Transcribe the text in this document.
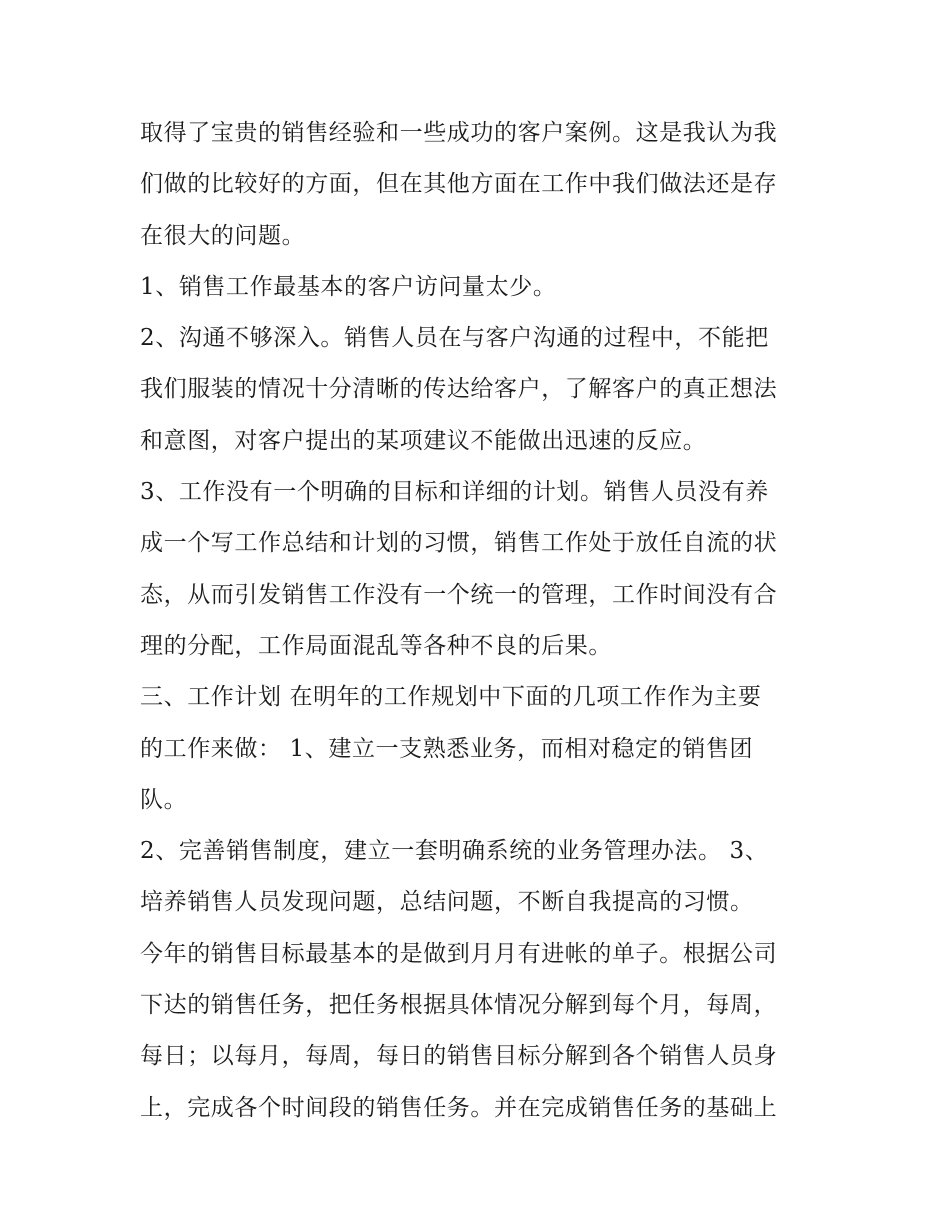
取得了宝贵的销售经验和一些成功的客户案例。这是我认为我
们做的比较好的方面，但在其他方面在工作中我们做法还是存
在很大的问题。
1、销售工作最基本的客户访问量太少。
2、沟通不够深入。销售人员在与客户沟通的过程中，不能把
我们服装的情况十分清晰的传达给客户，了解客户的真正想法
和意图，对客户提出的某项建议不能做出迅速的反应。
3、工作没有一个明确的目标和详细的计划。销售人员没有养
成一个写工作总结和计划的习惯，销售工作处于放任自流的状
态，从而引发销售工作没有一个统一的管理，工作时间没有合
理的分配，工作局面混乱等各种不良的后果。
三、工作计划 在明年的工作规划中下面的几项工作作为主要
的工作来做： 1、建立一支熟悉业务，而相对稳定的销售团
队。
2、完善销售制度，建立一套明确系统的业务管理办法。 3、
培养销售人员发现问题，总结问题，不断自我提高的习惯。
今年的销售目标最基本的是做到月月有进帐的单子。根据公司
下达的销售任务，把任务根据具体情况分解到每个月，每周，
每日；以每月，每周，每日的销售目标分解到各个销售人员身
上，完成各个时间段的销售任务。并在完成销售任务的基础上
